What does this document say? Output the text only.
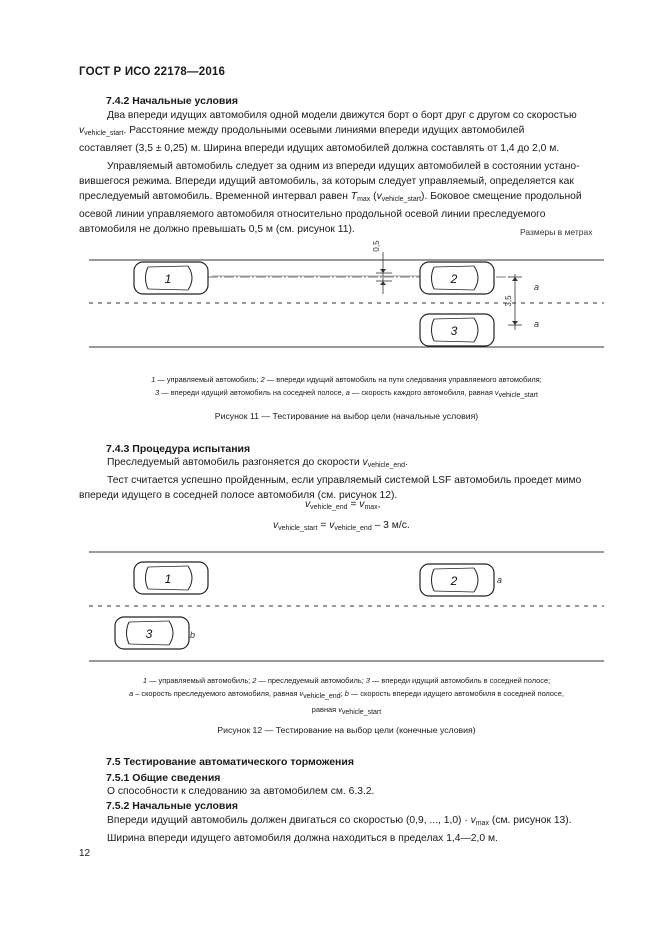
ГОСТ Р ИСО 22178—2016
7.4.2 Начальные условия
Два впереди идущих автомобиля одной модели движутся борт о борт друг с другом со скоростью
$v_{vehicle\_start}$. Расстояние между продольными осевыми линиями впереди идущих автомобилей
составляет (3,5 ± 0,25) м. Ширина впереди идущих автомобилей должна составлять от 1,4 до 2,0 м.
Управляемый автомобиль следует за одним из впереди идущих автомобилей в состоянии устано-
вившегося режима. Впереди идущий автомобиль, за которым следует управляемый, определяется как
преследуемый автомобиль. Временной интервал равен $T_{max}$ $(v_{vehicle\_start})$. Боковое смещение продольной
осевой линии управляемого автомобиля относительно продольной осевой линии преследуемого
автомобиля не должно превышать 0,5 м (см. рисунок 11).	Размеры в метрах
0,5
3,5
a
a
1	2
3
1 — управляемый автомобиль; 2 — впереди идущий автомобиль на пути следования управляемого автомобиля;
3 — впереди идущий автомобиль на соседней полосе, a — скорость каждого автомобиля, равная vvehicle_start
Рисунок 11 — Тестирование на выбор цели (начальные условия)
7.4.3 Процедура испытания
Преследуемый автомобиль разгоняется до скорости $v_{vehicle\_end}$.
Тест считается успешно пройденным, если управляемый системой LSF автомобиль проедет мимо
впереди идущего в соседней полосе автомобиля (см. рисунок 12).
$v_{vehicle\_end} = v_{max}$,
$v_{vehicle\_start} = v_{vehicle\_end} - 3$ м/с.
a
b
1	2
3
1 — управляемый автомобиль; 2 — преследуемый автомобиль; 3 — впереди идущий автомобиль в соседней полосе;
a – скорость преследуемого автомобиля, равная vvehicle_end; b — скорость впереди идущего автомобиля в соседней полосе,
равная vvehicle_start
Рисунок 12 — Тестирование на выбор цели (конечные условия)
7.5 Тестирование автоматического торможения
7.5.1 Общие сведения
О способности к следованию за автомобилем см. 6.3.2.
7.5.2 Начальные условия
Впереди идущий автомобиль должен двигаться со скоростью (0,9, ..., $1,0) \cdot v_{max}$ (см. рисунок 13).
Ширина впереди идущего автомобиля должна находиться в пределах 1,4—2,0 м.
12
